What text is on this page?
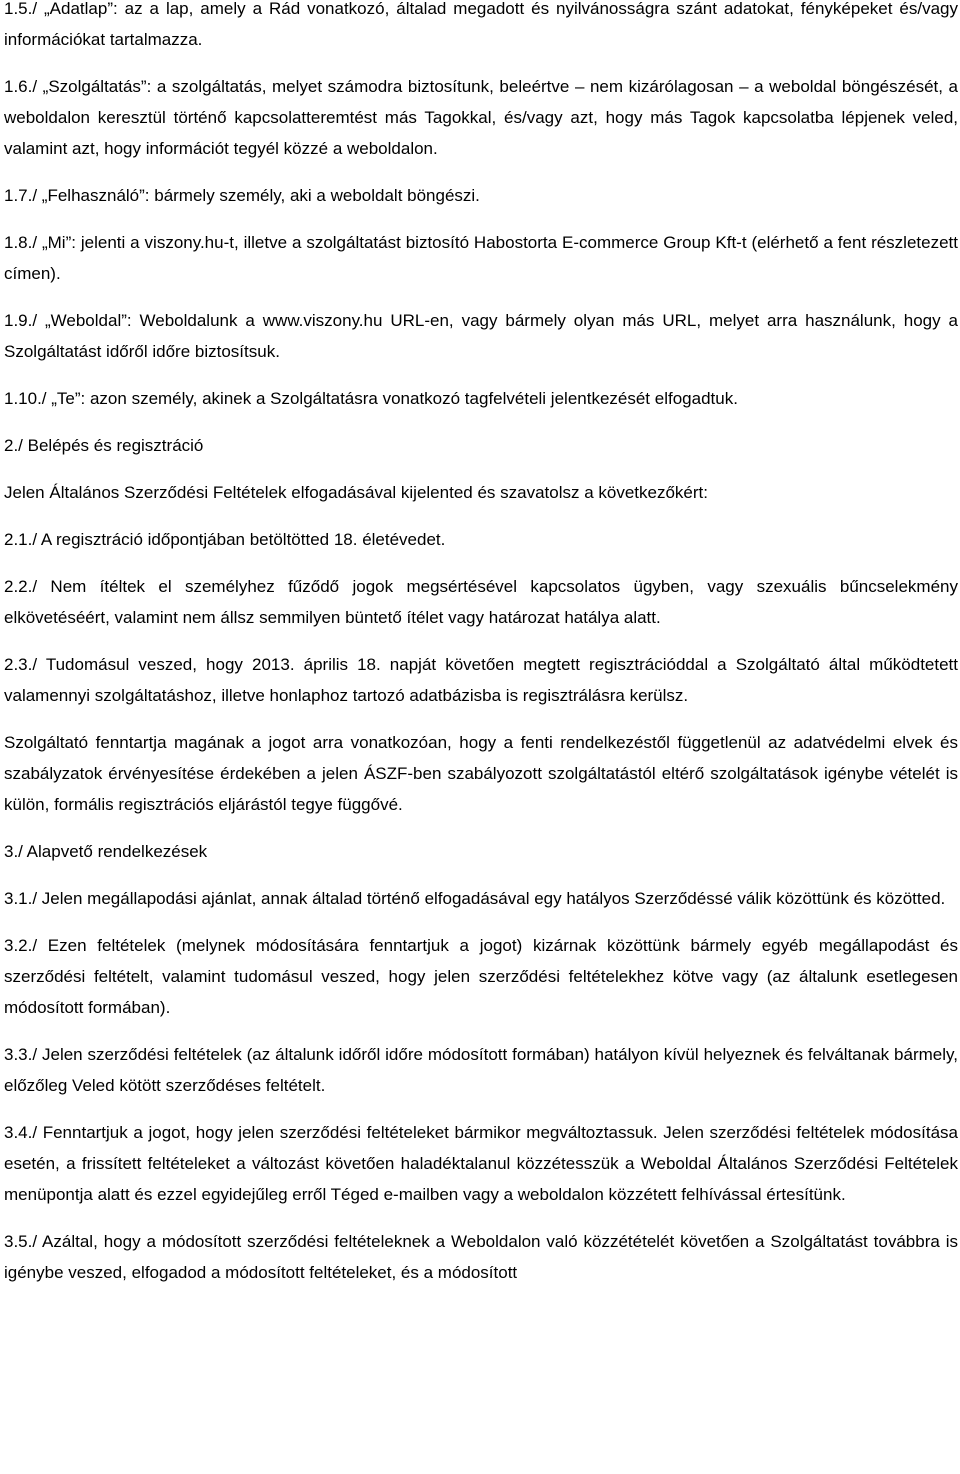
1.5./ „Adatlap”: az a lap, amely a Rád vonatkozó, általad megadott és nyilvánosságra szánt adatokat, fényképeket és/vagy információkat tartalmazza.

1.6./ „Szolgáltatás”: a szolgáltatás, melyet számodra biztosítunk, beleértve – nem kizárólagosan – a weboldal böngészését, a weboldalon keresztül történő kapcsolatteremtést más Tagokkal, és/vagy azt, hogy más Tagok kapcsolatba lépjenek veled, valamint azt, hogy információt tegyél közzé a weboldalon.

1.7./ „Felhasználó”: bármely személy, aki a weboldalt böngészi.

1.8./ „Mi”: jelenti a viszony.hu-t, illetve a szolgáltatást biztosító Habostorta E-commerce Group Kft-t (elérhető a fent részletezett címen).

1.9./ „Weboldal”: Weboldalunk a www.viszony.hu URL-en, vagy bármely olyan más URL, melyet arra használunk, hogy a Szolgáltatást időről időre biztosítsuk.

1.10./ „Te”: azon személy, akinek a Szolgáltatásra vonatkozó tagfelvételi jelentkezését elfogadtuk.

2./ Belépés és regisztráció

Jelen Általános Szerződési Feltételek elfogadásával kijelented és szavatolsz a következőkért:

2.1./ A regisztráció időpontjában betöltötted 18. életévedet.

2.2./ Nem ítéltek el személyhez fűződő jogok megsértésével kapcsolatos ügyben, vagy szexuális bűncselekmény elkövetéséért, valamint nem állsz semmilyen büntető ítélet vagy határozat hatálya alatt.

2.3./ Tudomásul veszed, hogy 2013. április 18. napját követően megtett regisztrációddal a Szolgáltató által működtetett valamennyi szolgáltatáshoz, illetve honlaphoz tartozó adatbázisba is regisztrálásra kerülsz.

Szolgáltató fenntartja magának a jogot arra vonatkozóan, hogy a fenti rendelkezéstől függetlenül az adatvédelmi elvek és szabályzatok érvényesítése érdekében a jelen ÁSZF-ben szabályozott szolgáltatástól eltérő szolgáltatások igénybe vételét is külön, formális regisztrációs eljárástól tegye függővé.

3./ Alapvető rendelkezések

3.1./ Jelen megállapodási ajánlat, annak általad történő elfogadásával egy hatályos Szerződéssé válik közöttünk és közötted.

3.2./ Ezen feltételek (melynek módosítására fenntartjuk a jogot) kizárnak közöttünk bármely egyéb megállapodást és szerződési feltételt, valamint tudomásul veszed, hogy jelen szerződési feltételekhez kötve vagy (az általunk esetlegesen módosított formában).

3.3./ Jelen szerződési feltételek (az általunk időről időre módosított formában) hatályon kívül helyeznek és felváltanak bármely, előzőleg Veled kötött szerződéses feltételt.

3.4./ Fenntartjuk a jogot, hogy jelen szerződési feltételeket bármikor megváltoztassuk. Jelen szerződési feltételek módosítása esetén, a frissített feltételeket a változást követően haladéktalanul közzétesszük a Weboldal Általános Szerződési Feltételek menüpontja alatt és ezzel egyidejűleg erről Téged e-mailben vagy a weboldalon közzétett felhívással értesítünk.

3.5./ Azáltal, hogy a módosított szerződési feltételeknek a Weboldalon való közzétételét követően a Szolgáltatást továbbra is igénybe veszed, elfogadod a módosított feltételeket, és a módosított
